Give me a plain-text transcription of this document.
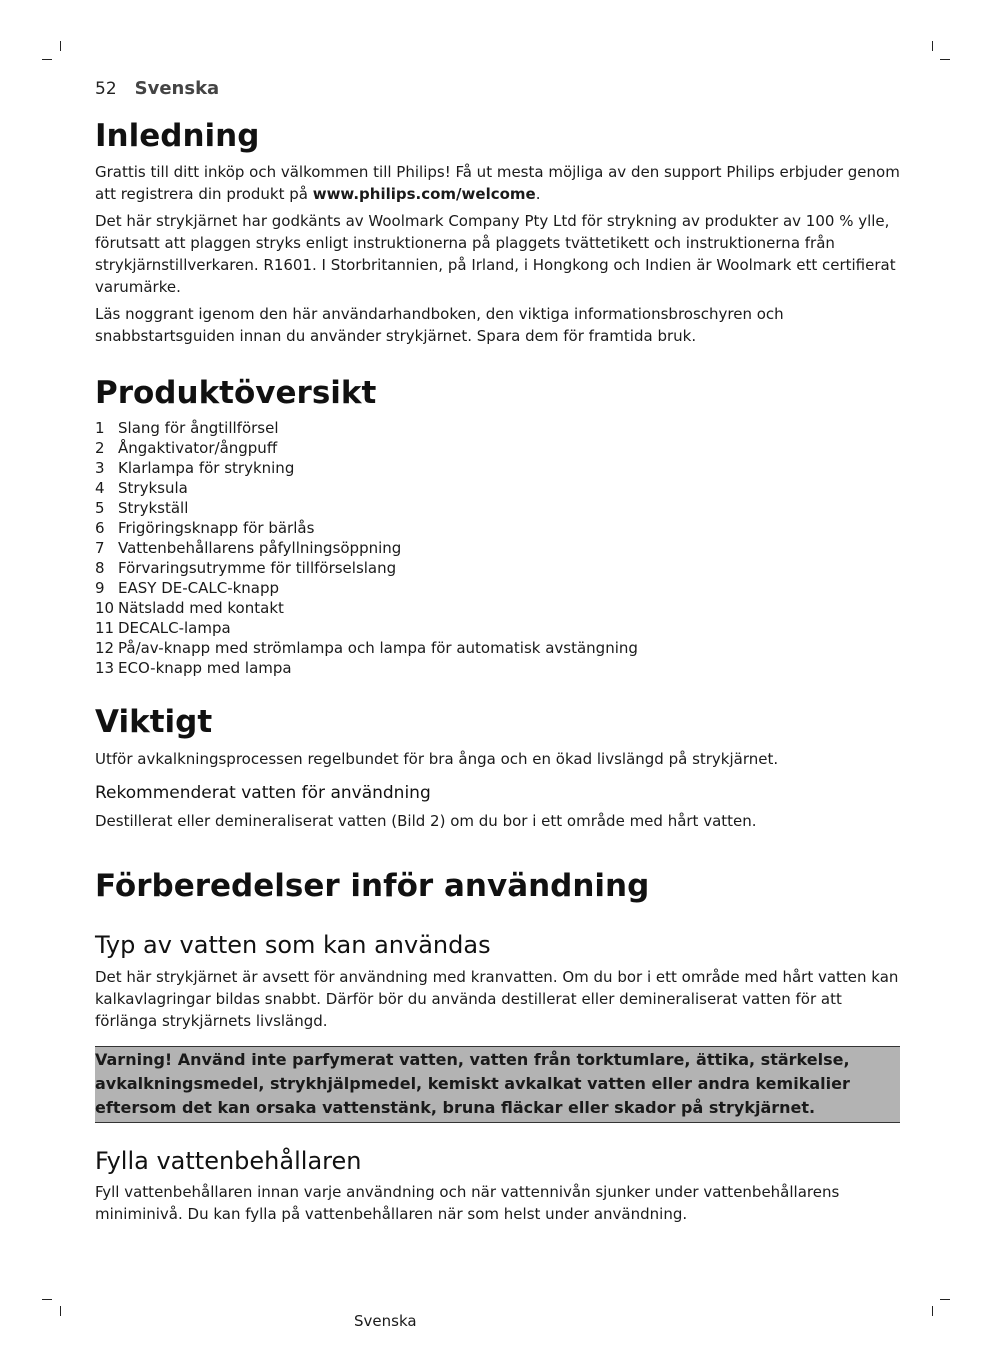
52 Svenska
Inledning

Grattis till ditt inköp och välkommen till Philips! Få ut mesta möjliga av den support Philips erbjuder genom att registrera din produkt på www.philips.com/welcome.

Det här strykjärnet har godkänts av Woolmark Company Pty Ltd för strykning av produkter av 100 % ylle, förutsatt att plaggen stryks enligt instruktionerna på plaggets tvättetikett och instruktionerna från strykjärnstillverkaren. R1601. I Storbritannien, på Irland, i Hongkong och Indien är Woolmark ett certifierat varumärke.

Läs noggrant igenom den här användarhandboken, den viktiga informationsbroschyren och snabbstartsguiden innan du använder strykjärnet. Spara dem för framtida bruk.

Produktöversikt
1 Slang för ångtillförsel
2 Ångaktivator/ångpuff
3 Klarlampa för strykning
4 Stryksula
5 Strykställ
6 Frigöringsknapp för bärlås
7 Vattenbehållarens påfyllningsöppning
8 Förvaringsutrymme för tillförselslang
9 EASY DE-CALC-knapp
10 Nätsladd med kontakt
11 DECALC-lampa
12 På/av-knapp med strömlampa och lampa för automatisk avstängning
13 ECO-knapp med lampa
Viktigt

Utför avkalkningsprocessen regelbundet för bra ånga och en ökad livslängd på strykjärnet.

Rekommenderat vatten för användning

Destillerat eller demineraliserat vatten (Bild 2) om du bor i ett område med hårt vatten.

Förberedelser inför användning
Typ av vatten som kan användas

Det här strykjärnet är avsett för användning med kranvatten. Om du bor i ett område med hårt vatten kan kalkavlagringar bildas snabbt. Därför bör du använda destillerat eller demineraliserat vatten för att förlänga strykjärnets livslängd.

Varning! Använd inte parfymerat vatten, vatten från torktumlare, ättika, stärkelse, avkalkningsmedel, strykhjälpmedel, kemiskt avkalkat vatten eller andra kemikalier eftersom det kan orsaka vattenstänk, bruna fläckar eller skador på strykjärnet.
Fylla vattenbehållaren

Fyll vattenbehållaren innan varje användning och när vattennivån sjunker under vattenbehållarens miniminivå. Du kan fylla på vattenbehållaren när som helst under användning.

Svenska
